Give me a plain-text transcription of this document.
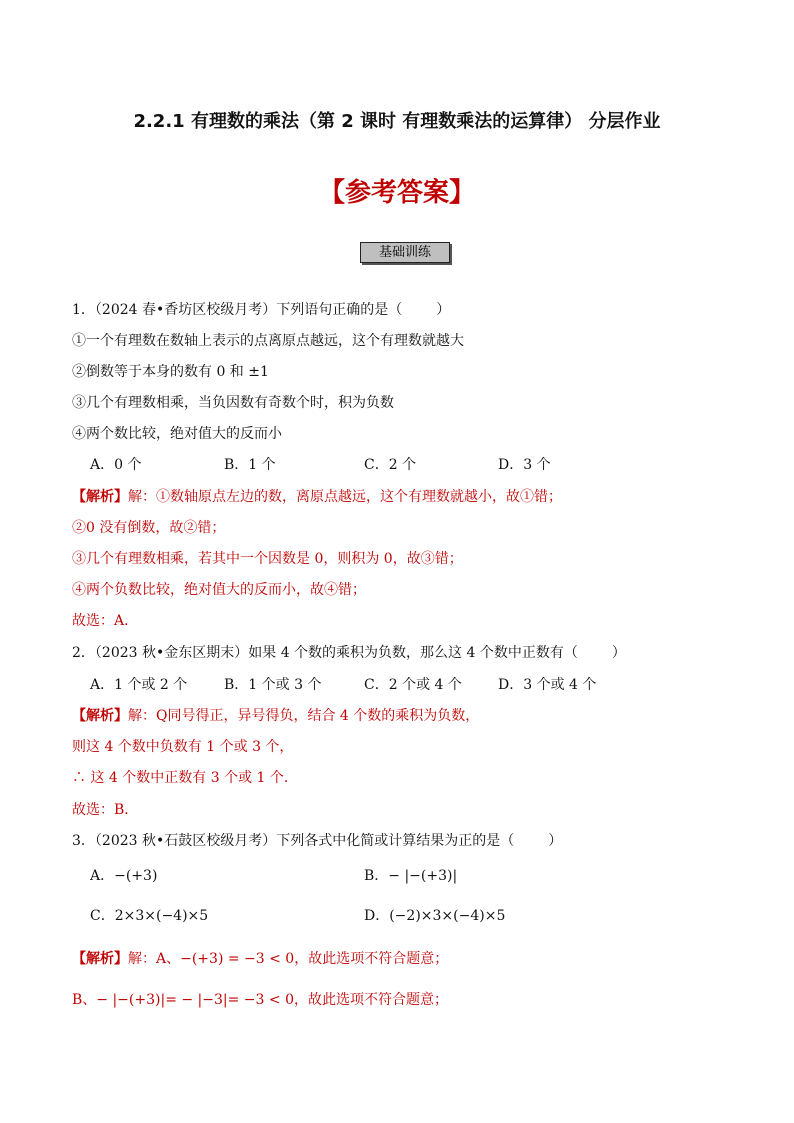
2.2.1 有理数的乘法（第 2 课时 有理数乘法的运算律） 分层作业
【参考答案】
基础训练
1．（2024 春•香坊区校级月考）下列语句正确的是（ ）
①一个有理数在数轴上表示的点离原点越远，这个有理数就越大
②倒数等于本身的数有 0 和 ±1
③几个有理数相乘，当负因数有奇数个时，积为负数
④两个数比较，绝对值大的反而小
A．0 个	B．1 个	C．2 个	D．3 个
【解析】解：①数轴原点左边的数，离原点越远，这个有理数就越小，故①错；
②0 没有倒数，故②错；
③几个有理数相乘，若其中一个因数是 0，则积为 0，故③错；
④两个负数比较，绝对值大的反而小，故④错；
故选：A．
2．（2023 秋•金东区期末）如果 4 个数的乘积为负数，那么这 4 个数中正数有（ ）
A．1 个或 2 个	B．1 个或 3 个	C．2 个或 4 个	D．3 个或 4 个
【解析】解：Q同号得正，异号得负，结合 4 个数的乘积为负数，
则这 4 个数中负数有 1 个或 3 个，
∴ 这 4 个数中正数有 3 个或 1 个．
故选：B．
3．（2023 秋•石鼓区校级月考）下列各式中化简或计算结果为正的是（ ）
A．−(+3)	B．− |−(+3)|
C．2×3×(−4)×5	D．(−2)×3×(−4)×5
【解析】解：A、−(+3) = −3 < 0，故此选项不符合题意；
B、− |−(+3)|= − |−3|= −3 < 0，故此选项不符合题意；
